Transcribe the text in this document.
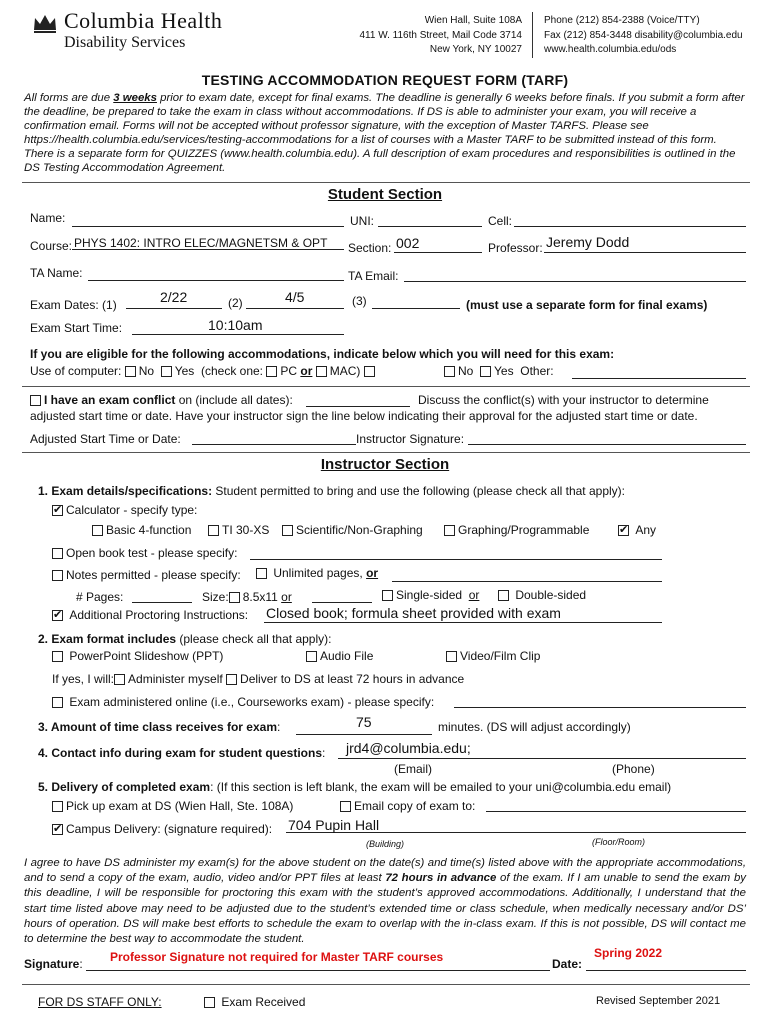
Columbia Health
Disability Services
Wien Hall, Suite 108A
411 W. 116th Street, Mail Code 3714
New York, NY 10027
Phone (212) 854-2388 (Voice/TTY)
Fax (212) 854-3448 disability@columbia.edu
www.health.columbia.edu/ods
TESTING ACCOMMODATION REQUEST FORM (TARF)
All forms are due 3 weeks prior to exam date, except for final exams. The deadline is generally 6 weeks before finals. If you submit a form after the deadline, be prepared to take the exam in class without accommodations. If DS is able to administer your exam, you will receive a confirmation email. Forms will not be accepted without professor signature, with the exception of Master TARFS. Please see https://health.columbia.edu/services/testing-accommodations for a list of courses with a Master TARF to be submitted instead of this form. There is a separate form for QUIZZES (www.health.columbia.edu). A full description of exam procedures and responsibilities is outlined in the DS Testing Accommodation Agreement.
Student Section
Name:	UNI:	Cell:
Course: PHYS 1402: INTRO ELEC/MAGNETSM & OPT Section: 002	Professor: Jeremy Dodd
TA Name:	TA Email:
Exam Dates: (1)	2/22	(2)	4/5	(3)	(must use a separate form for final exams)
Exam Start Time:	10:10am
If you are eligible for the following accommodations, indicate below which you will need for this exam:
Use of computer: No Yes (check one: PC or MAC)	No Yes Other:
I have an exam conflict on (include all dates):	Discuss the conflict(s) with your instructor to determine
adjusted start time or date. Have your instructor sign the line below indicating their approval for the adjusted start time or date.
Adjusted Start Time or Date:	Instructor Signature:
Instructor Section
1. Exam details/specifications: Student permitted to bring and use the following (please check all that apply):
✔Calculator - specify type:
Basic 4-function	TI 30-XS	Scientific/Non-Graphing	Graphing/Programmable
✔	Any
Open book test - please specify:
Notes permitted - please specify:	Unlimited pages, or
# Pages:	Size: 8.5x11 or	Single-sided or	Double-sided
✔ Additional Proctoring Instructions: Closed book; formula sheet provided with exam
2. Exam format includes (please check all that apply):
PowerPoint Slideshow (PPT)	Audio File	Video/Film Clip
If yes, I will: Administer myself Deliver to DS at least 72 hours in advance
Exam administered online (i.e., Courseworks exam) - please specify:
3. Amount of time class receives for exam:	75	minutes. (DS will adjust accordingly)
4. Contact info during exam for student questions: jrd4@columbia.edu;
(Email)	(Phone)
5. Delivery of completed exam: (If this section is left blank, the exam will be emailed to your uni@columbia.edu email)
Pick up exam at DS (Wien Hall, Ste. 108A)	Email copy of exam to:
✔Campus Delivery: (signature required): 704 Pupin Hall
(Building)	(Floor/Room)
I agree to have DS administer my exam(s) for the above student on the date(s) and time(s) listed above with the appropriate accommodations, and to send a copy of the exam, audio, video and/or PPT files at least 72 hours in advance of the exam. If I am unable to send the exam by this deadline, I will be responsible for proctoring this exam with the student’s approved accommodations. Additionally, I understand that the start time listed above may need to be adjusted due to the student’s extended time or class schedule, when medically necessary and/or DS’ hours of operation. DS will make best efforts to schedule the exam to overlap with the in-class exam. If this is not possible, DS will contact me to determine the best way to accommodate the student.
Signature: Professor Signature not required for Master TARF courses	Date:
Spring 2022
FOR DS STAFF ONLY:	Exam Received	Revised September 2021
